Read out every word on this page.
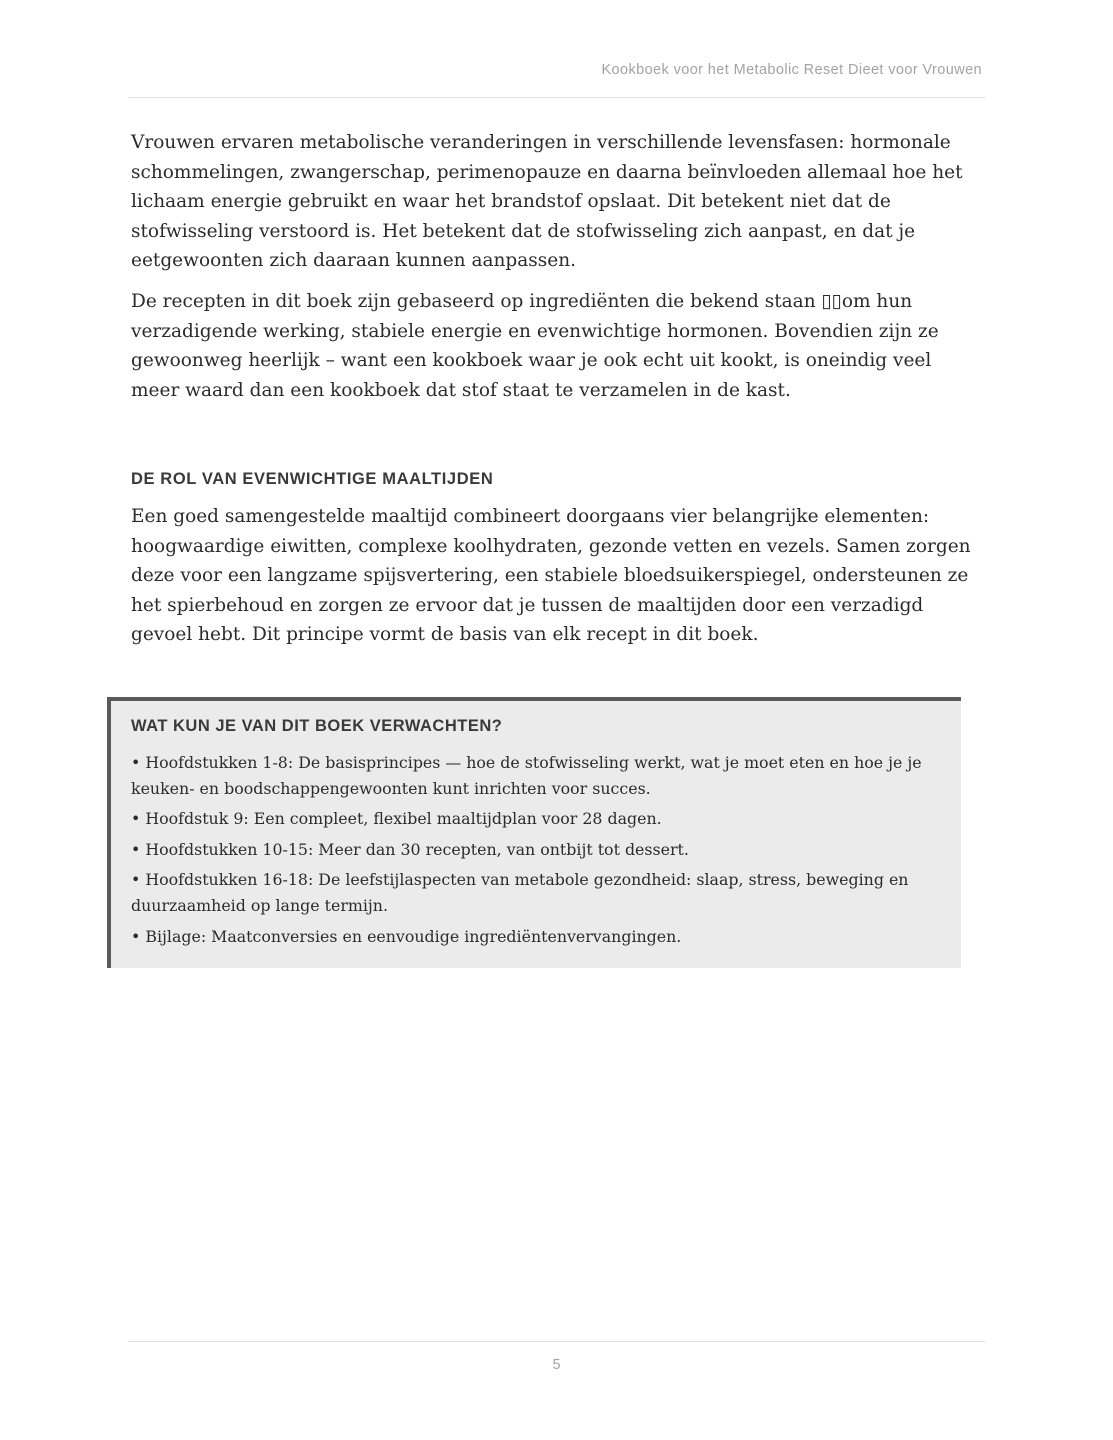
Kookboek voor het Metabolic Reset Dieet voor Vrouwen

Vrouwen ervaren metabolische veranderingen in verschillende levensfasen: hormonale schommelingen, zwangerschap, perimenopauze en daarna beïnvloeden allemaal hoe het lichaam energie gebruikt en waar het brandstof opslaat. Dit betekent niet dat de stofwisseling verstoord is. Het betekent dat de stofwisseling zich aanpast, en dat je eetgewoonten zich daaraan kunnen aanpassen.

De recepten in dit boek zijn gebaseerd op ingrediënten die bekend staan ▯▯om hun verzadigende werking, stabiele energie en evenwichtige hormonen. Bovendien zijn ze gewoonweg heerlijk – want een kookboek waar je ook echt uit kookt, is oneindig veel meer waard dan een kookboek dat stof staat te verzamelen in de kast.

DE ROL VAN EVENWICHTIGE MAALTIJDEN

Een goed samengestelde maaltijd combineert doorgaans vier belangrijke elementen: hoogwaardige eiwitten, complexe koolhydraten, gezonde vetten en vezels. Samen zorgen deze voor een langzame spijsvertering, een stabiele bloedsuikerspiegel, ondersteunen ze het spierbehoud en zorgen ze ervoor dat je tussen de maaltijden door een verzadigd gevoel hebt. Dit principe vormt de basis van elk recept in dit boek.

WAT KUN JE VAN DIT BOEK VERWACHTEN?
• Hoofdstukken 1-8: De basisprincipes — hoe de stofwisseling werkt, wat je moet eten en hoe je je keuken- en boodschappengewoonten kunt inrichten voor succes.
• Hoofdstuk 9: Een compleet, flexibel maaltijdplan voor 28 dagen.
• Hoofdstukken 10-15: Meer dan 30 recepten, van ontbijt tot dessert.
• Hoofdstukken 16-18: De leefstijlaspecten van metabole gezondheid: slaap, stress, beweging en duurzaamheid op lange termijn.
• Bijlage: Maatconversies en eenvoudige ingrediëntenvervangingen.
5
